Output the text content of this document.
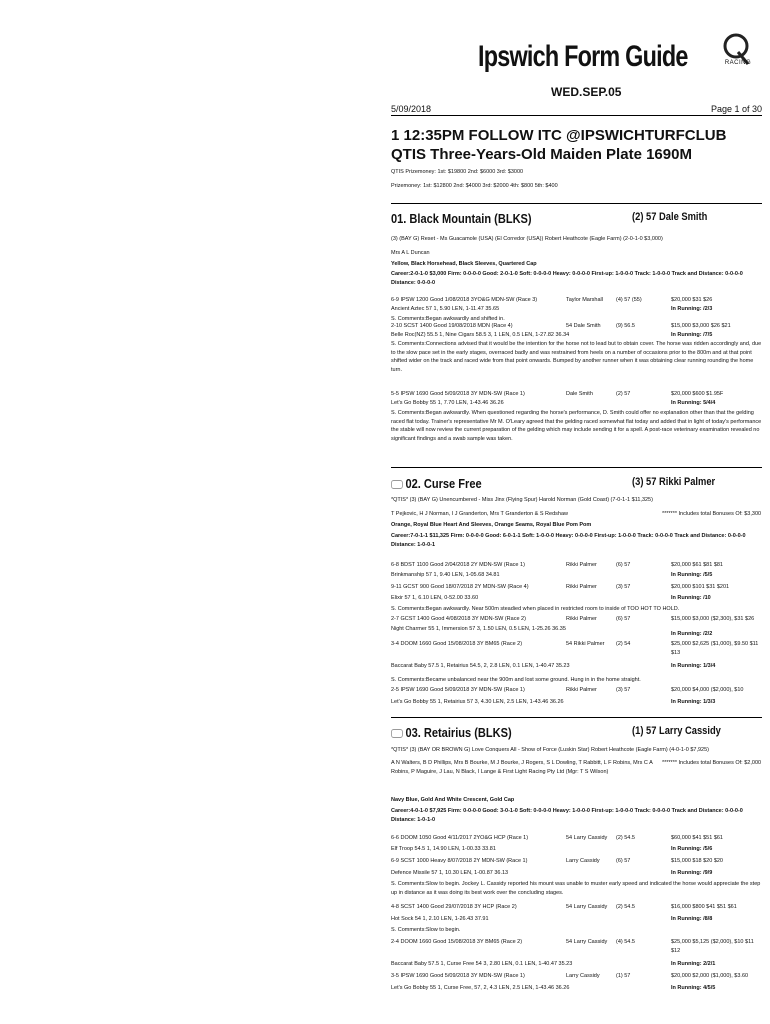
Ipswich Form Guide	RACING
WED.SEP.05
5/09/2018	Page 1 of 30
1 12:35PM FOLLOW ITC @IPSWICHTURFCLUB QTIS Three-Years-Old Maiden Plate 1690M
QTIS Prizemoney: 1st: $19800 2nd: $6000 3rd: $3000
Prizemoney: 1st: $12800 2nd: $4000 3rd: $2000 4th: $800 5th: $400
01. Black Mountain (BLKS)	(2) 57 Dale Smith
(3) (BAY G) Reset - Ms Guacamole (USA) (El Corredor (USA)) Robert Heathcote (Eagle Farm) (2-0-1-0 $3,000)
Mrs A L Duncan
Yellow, Black Horsehead, Black Sleeves, Quartered Cap
Career:2-0-1-0 $3,000 Firm: 0-0-0-0 Good: 2-0-1-0 Soft: 0-0-0-0 Heavy: 0-0-0-0 First-up: 1-0-0-0 Track: 1-0-0-0 Track and Distance: 0-0-0-0 Distance: 0-0-0-0
6-9 IPSW 1200 Good 1/08/2018 3YO&G MDN-SW (Race 3)	Taylor Marshall (4) 57 (55)	$20,000 $31 $26
Ancient Aztec 57 1, 5.90 LEN, 1-11.47 35.65	In Running: /2/3
S. Comments:Began awkwardly and shifted in.
2-10 SCST 1400 Good 19/08/2018 MDN (Race 4)	54 Dale Smith	(9) 56.5	$15,000 $3,000 $26 $21
Belle Roc(NZ) 55.5 1, Nine Cigars 58.5 3, 1 LEN, 0.5 LEN, 1-27.82 36.34	In Running: /7/5
S. Comments:Connections advised that it would be the intention for the horse not to lead but to obtain cover. The horse was ridden accordingly and, due to the slow pace set in the early stages, overraced badly and was restrained from heels on a number of occasions prior to the 800m and at that point shifted wider on the track and raced wide from that point onwards. Bumped by another runner when it was obtaining clear running rounding the home turn.
5-5 IPSW 1690 Good 5/09/2018 3Y MDN-SW (Race 1)	Dale Smith	(2) 57	$20,000 $600 $1.95F
Let's Go Bobby 55 1, 7.70 LEN, 1-43.46 36.26	In Running: 5/4/4
S. Comments:Began awkwardly. When questioned regarding the horse's performance, D. Smith could offer no explanation other than that the gelding raced flat today. Trainer's representative Mr M. O'Leary agreed that the gelding raced somewhat flat today and added that in light of today's performance the stable will now review the current preparation of the gelding which may include sending it for a spell. A post-race veterinary examination revealed no significant findings and a swab sample was taken.
02. Curse Free	(3) 57 Rikki Palmer
*QTIS* (3) (BAY G) Unencumbered - Miss Jinx (Flying Spur) Harold Norman (Gold Coast) (7-0-1-1 $11,325)
T Pejkovic, H J Norman, I J Granderton, Mrs T Granderton & S Redshaw	******* Includes total Bonuses Of: $3,300
Orange, Royal Blue Heart And Sleeves, Orange Seams, Royal Blue Pom Pom
Career:7-0-1-1 $11,325 Firm: 0-0-0-0 Good: 6-0-1-1 Soft: 1-0-0-0 Heavy: 0-0-0-0 First-up: 1-0-0-0 Track: 0-0-0-0 Track and Distance: 0-0-0-0 Distance: 1-0-0-1
6-8 BDST 1100 Good 2/04/2018 2Y MDN-SW (Race 1)	Rikki Palmer	(6) 57	$20,000 $61 $81 $81
Brinkmanship 57 1, 9.40 LEN, 1-05.68 34.81	In Running: /5/5
9-11 GCST 900 Good 18/07/2018 2Y MDN-SW (Race 4)	Rikki Palmer	(3) 57	$20,000 $101 $31 $201
Elixir 57 1, 6.10 LEN, 0-52.00 33.60	In Running: /10
S. Comments:Began awkwardly. Near 500m steadied when placed in restricted room to inside of TOO HOT TO HOLD.
2-7 GCST 1400 Good 4/08/2018 3Y MDN-SW (Race 2)	Rikki Palmer	(6) 57	$15,000 $3,000 ($2,300), $31 $26
Night Charmer 55 1, Immersion 57 3, 1.50 LEN, 0.5 LEN, 1-25.26 36.35
In Running: /2/2
3-4 DOOM 1660 Good 15/08/2018 3Y BM65 (Race 2)	54 Rikki Palmer (2) 54	$25,000 $2,625 ($1,000), $9.50 $11 $13
Baccarat Baby 57.5 1, Retairius 54.5, 2, 2.8 LEN, 0.1 LEN, 1-40.47 35.23	In Running: 1/3/4
S. Comments:Became unbalanced near the 900m and lost some ground. Hung in in the home straight.
2-5 IPSW 1690 Good 5/09/2018 3Y MDN-SW (Race 1)	Rikki Palmer	(3) 57	$20,000 $4,000 ($2,000), $10
Let's Go Bobby 55 1, Retairius 57 3, 4.30 LEN, 2.5 LEN, 1-43.46 36.26	In Running: 1/3/3
03. Retairius (BLKS)	(1) 57 Larry Cassidy
*QTIS* (3) (BAY OR BROWN G) Love Conquers All - Show of Force (Luskin Star) Robert Heathcote (Eagle Farm) (4-0-1-0 $7,925)
A N Walters, B D Phillips, Mrs B Bourke, M J Bourke, J Rogers, S L Dowling, T Rabbitt, L F Robins, Mrs C A Robins, P Maguire, J Lau, N Black, I Lange & First Light Racing Pty Ltd (Mgr: T S Wilson)
******* Includes total Bonuses Of: $2,000
Navy Blue, Gold And White Crescent, Gold Cap
Career:4-0-1-0 $7,925 Firm: 0-0-0-0 Good: 3-0-1-0 Soft: 0-0-0-0 Heavy: 1-0-0-0 First-up: 1-0-0-0 Track: 0-0-0-0 Track and Distance: 0-0-0-0 Distance: 1-0-1-0
6-6 DOOM 1050 Good 4/11/2017 2YO&G HCP (Race 1)	54 Larry Cassidy (2) 54.5	$60,000 $41 $51 $61
Elf Troop 54.5 1, 14.90 LEN, 1-00.33 33.81	In Running: /5/6
6-9 SCST 1000 Heavy 8/07/2018 2Y MDN-SW (Race 1)	Larry Cassidy	(6) 57	$15,000 $18 $20 $20
Defence Missile 57 1, 10.30 LEN, 1-00.87 36.13	In Running: /9/9
S. Comments:Slow to begin. Jockey L. Cassidy reported his mount was unable to muster early speed and indicated the horse would appreciate the step up in distance as it was doing its best work over the concluding stages.
4-8 SCST 1400 Good 29/07/2018 3Y HCP (Race 2)	54 Larry Cassidy (2) 54.5	$16,000 $800 $41 $51 $61
Hot Sock 54 1, 2.10 LEN, 1-26.43 37.91	In Running: /8/8
S. Comments:Slow to begin.
2-4 DOOM 1660 Good 15/08/2018 3Y BM65 (Race 2)	54 Larry Cassidy (4) 54.5	$25,000 $5,125 ($2,000), $10 $11 $12
Baccarat Baby 57.5 1, Curse Free 54 3, 2.80 LEN, 0.1 LEN, 1-40.47 35.23	In Running: 2/2/1
3-5 IPSW 1690 Good 5/09/2018 3Y MDN-SW (Race 1)	Larry Cassidy	(1) 57	$20,000 $2,000 ($1,000), $3.60
Let's Go Bobby 55 1, Curse Free, 57, 2, 4.3 LEN, 2.5 LEN, 1-43.46 36.26	In Running: 4/5/5
